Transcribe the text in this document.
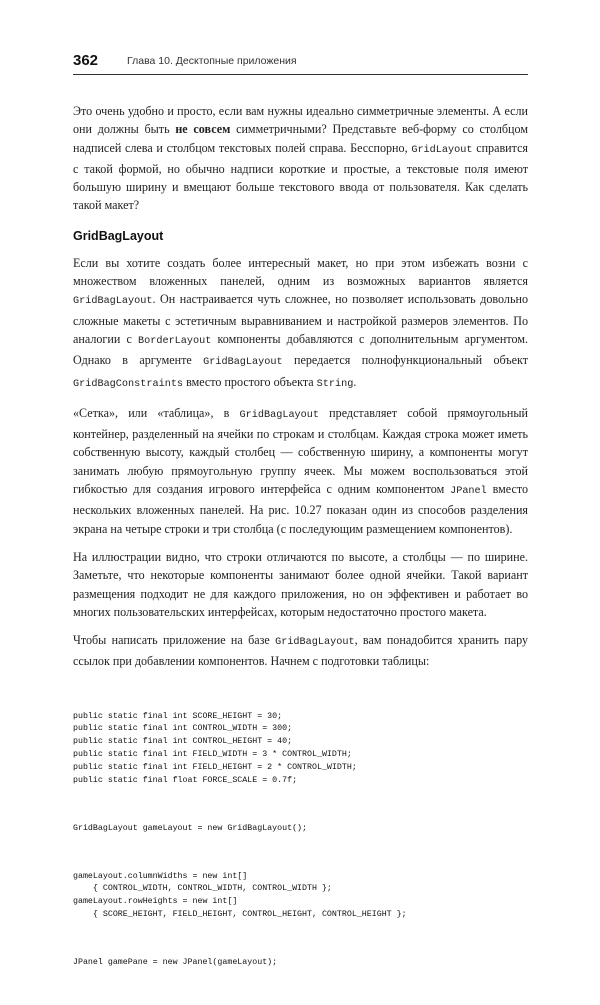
362	Глава 10. Десктопные приложения

Это очень удобно и просто, если вам нужны идеально симметричные элементы. А если они должны быть не совсем симметричными? Представьте веб-форму со столбцом надписей слева и столбцом текстовых полей справа. Бесспорно, GridLayout справится с такой формой, но обычно надписи короткие и простые, а текстовые поля имеют большую ширину и вмещают больше текстового ввода от пользователя. Как сделать такой макет?

GridBagLayout

Если вы хотите создать более интересный макет, но при этом избежать возни с множеством вложенных панелей, одним из возможных вариантов является GridBagLayout. Он настраивается чуть сложнее, но позволяет использовать довольно сложные макеты с эстетичным выравниванием и настройкой размеров элементов. По аналогии с BorderLayout компоненты добавляются с дополнительным аргументом. Однако в аргументе GridBagLayout передается полнофункциональный объект GridBagConstraints вместо простого объекта String.

«Сетка», или «таблица», в GridBagLayout представляет собой прямоугольный контейнер, разделенный на ячейки по строкам и столбцам. Каждая строка может иметь собственную высоту, каждый столбец — собственную ширину, а компоненты могут занимать любую прямоугольную группу ячеек. Мы можем воспользоваться этой гибкостью для создания игрового интерфейса с одним компонентом JPanel вместо нескольких вложенных панелей. На рис. 10.27 показан один из способов разделения экрана на четыре строки и три столбца (с последующим размещением компонентов).

На иллюстрации видно, что строки отличаются по высоте, а столбцы — по ширине. Заметьте, что некоторые компоненты занимают более одной ячейки. Такой вариант размещения подходит не для каждого приложения, но он эффективен и работает во многих пользовательских интерфейсах, которым недостаточно простого макета.

Чтобы написать приложение на базе GridBagLayout, вам понадобится хранить пару ссылок при добавлении компонентов. Начнем с подготовки таблицы:

public static final int SCORE_HEIGHT = 30;
public static final int CONTROL_WIDTH = 300;
public static final int CONTROL_HEIGHT = 40;
public static final int FIELD_WIDTH = 3 * CONTROL_WIDTH;
public static final int FIELD_HEIGHT = 2 * CONTROL_WIDTH;
public static final float FORCE_SCALE = 0.7f;

GridBagLayout gameLayout = new GridBagLayout();

gameLayout.columnWidths = new int[]
{ CONTROL_WIDTH, CONTROL_WIDTH, CONTROL_WIDTH };
gameLayout.rowHeights = new int[]
{ SCORE_HEIGHT, FIELD_HEIGHT, CONTROL_HEIGHT, CONTROL_HEIGHT };

JPanel gamePane = new JPanel(gameLayout);
